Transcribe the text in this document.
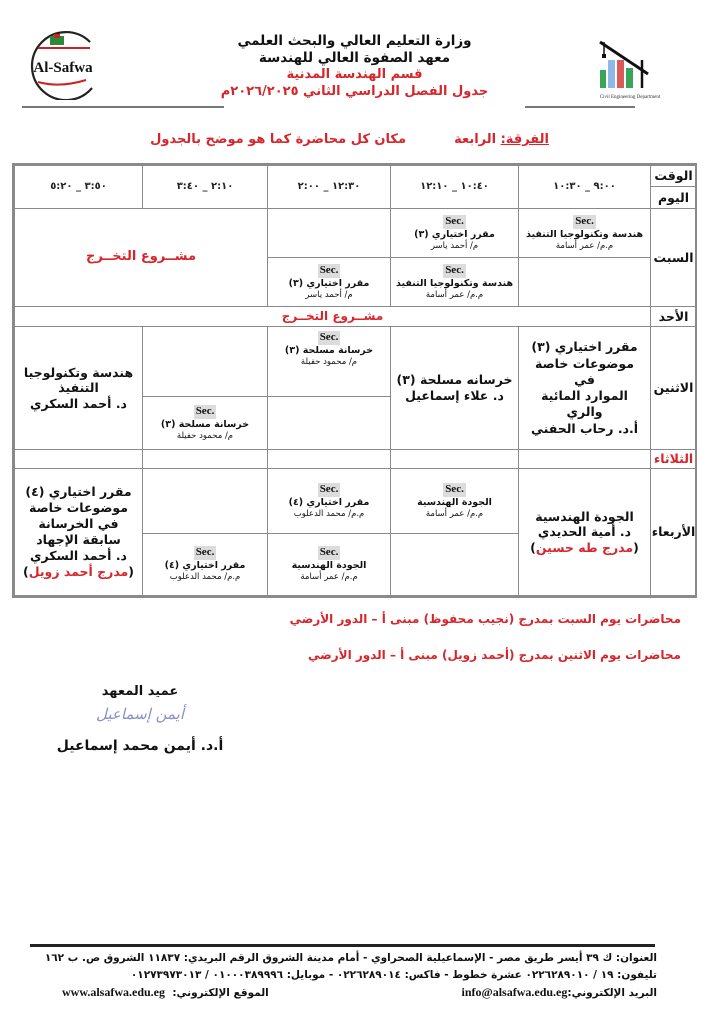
Al-Safwa
Civil Engineering Department
وزارة التعليم العالي والبحث العلمي
معهد الصفوة العالي للهندسة
قسم الهندسة المدنية
جدول الفصل الدراسي الثاني ٢٠٢٦/٢٠٢٥م
الفرقة: الرابعة
مكان كل محاضرة كما هو موضح بالجدول
الوقت
اليوم
٩:٠٠ _ ١٠:٣٠
١٠:٤٠ _ ١٢:١٠
١٢:٣٠ _ ٢:٠٠
٢:١٠ _ ٣:٤٠
٣:٥٠ _ ٥:٢٠
السبت
Sec.
هندسة وتكنولوجيا التنفيذ
م.م/ عمر أسامة
Sec.
مقرر اختياري (٣)
م/ أحمد ياسر
Sec.
هندسة وتكنولوجيا التنفيذ
م.م/ عمر أسامة
Sec.
مقرر اختياري (٣)
م/ أحمد ياسر
مشــروع التخــرج
الأحد
مشــروع التخــرج
الاثنين
مقرر اختياري (٣)
موضوعات خاصة
في
الموارد المائية
والري
أ.د. رحاب الحفني
خرسانه مسلحة (٣)
د. علاء إسماعيل
Sec.
خرسانة مسلحة (٣)
م/ محمود حفيلة
Sec.
خرسانة مسلحة (٣)
م/ محمود حفيلة
هندسة وتكنولوجيا
التنفيذ
د. أحمد السكري
الثلاثاء
الأربعاء
الجودة الهندسية
د. أمية الحديدي
(مدرج طه حسين)
Sec.
الجودة الهندسية
م.م/ عمر أسامة
Sec.
مقرر اختياري (٤)
م.م/ محمد الدعلوب
Sec.
الجودة الهندسية
م.م/ عمر أسامة
Sec.
مقرر اختياري (٤)
م.م/ محمد الدعلوب
مقرر اختياري (٤)
موضوعات خاصة
في الخرسانة
سابقة الإجهاد
د. أحمد السكري
(مدرج أحمد زويل)
محاضرات يوم السبت بمدرج (نجيب محفوظ) مبنى أ – الدور الأرضي
محاضرات يوم الاثنين بمدرج (أحمد زويل) مبنى أ – الدور الأرضي
عميد المعهد
أيمن إسماعيل
أ.د. أيمن محمد إسماعيل
العنوان: ك ٣٩ أيسر طريق مصر - الإسماعيلية الصحراوي - أمام مدينة الشروق الرقم البريدي: ١١٨٣٧ الشروق ص. ب ١٦٢
تليفون: ١٩ / ٠٢٢٦٢٨٩٠١٠ عشرة خطوط - فاكس: ٠٢٢٦٢٨٩٠١٤ - موبايل: ٠١٠٠٠٣٨٩٩٩٦ / ٠١٢٧٣٩٧٣٠١٣
البريد الإلكتروني:info@alsafwa.edu.eg
الموقع الإلكتروني:  www.alsafwa.edu.eg
